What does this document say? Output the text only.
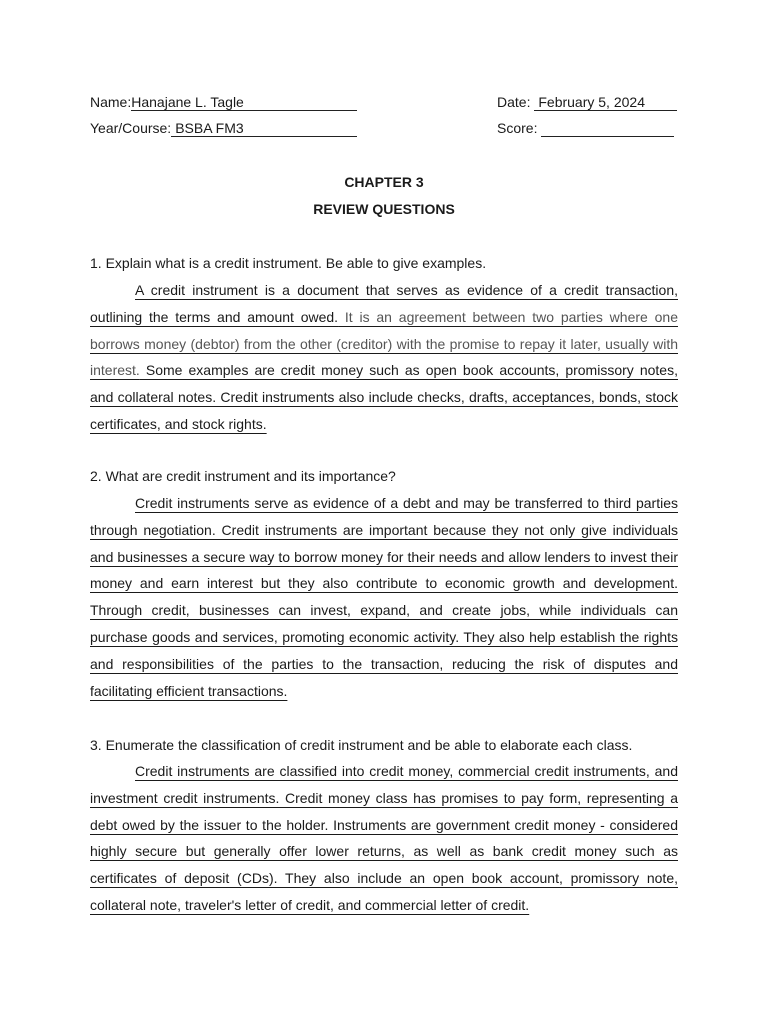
Name:Hanajane L. Tagle	Date: February 5, 2024
Year/Course: BSBA FM3	Score:
CHAPTER 3
REVIEW QUESTIONS
1. Explain what is a credit instrument. Be able to give examples.
A credit instrument is a document that serves as evidence of a credit transaction, outlining the terms and amount owed. It is an agreement between two parties where one borrows money (debtor) from the other (creditor) with the promise to repay it later, usually with interest. Some examples are credit money such as open book accounts, promissory notes, and collateral notes. Credit instruments also include checks, drafts, acceptances, bonds, stock certificates, and stock rights.
2. What are credit instrument and its importance?
Credit instruments serve as evidence of a debt and may be transferred to third parties through negotiation. Credit instruments are important because they not only give individuals and businesses a secure way to borrow money for their needs and allow lenders to invest their money and earn interest but they also contribute to economic growth and development. Through credit, businesses can invest, expand, and create jobs, while individuals can purchase goods and services, promoting economic activity. They also help establish the rights and responsibilities of the parties to the transaction, reducing the risk of disputes and facilitating efficient transactions.
3. Enumerate the classification of credit instrument and be able to elaborate each class.
Credit instruments are classified into credit money, commercial credit instruments, and investment credit instruments. Credit money class has promises to pay form, representing a debt owed by the issuer to the holder. Instruments are government credit money - considered highly secure but generally offer lower returns, as well as bank credit money such as certificates of deposit (CDs). They also include an open book account, promissory note, collateral note, traveler's letter of credit, and commercial letter of credit.
